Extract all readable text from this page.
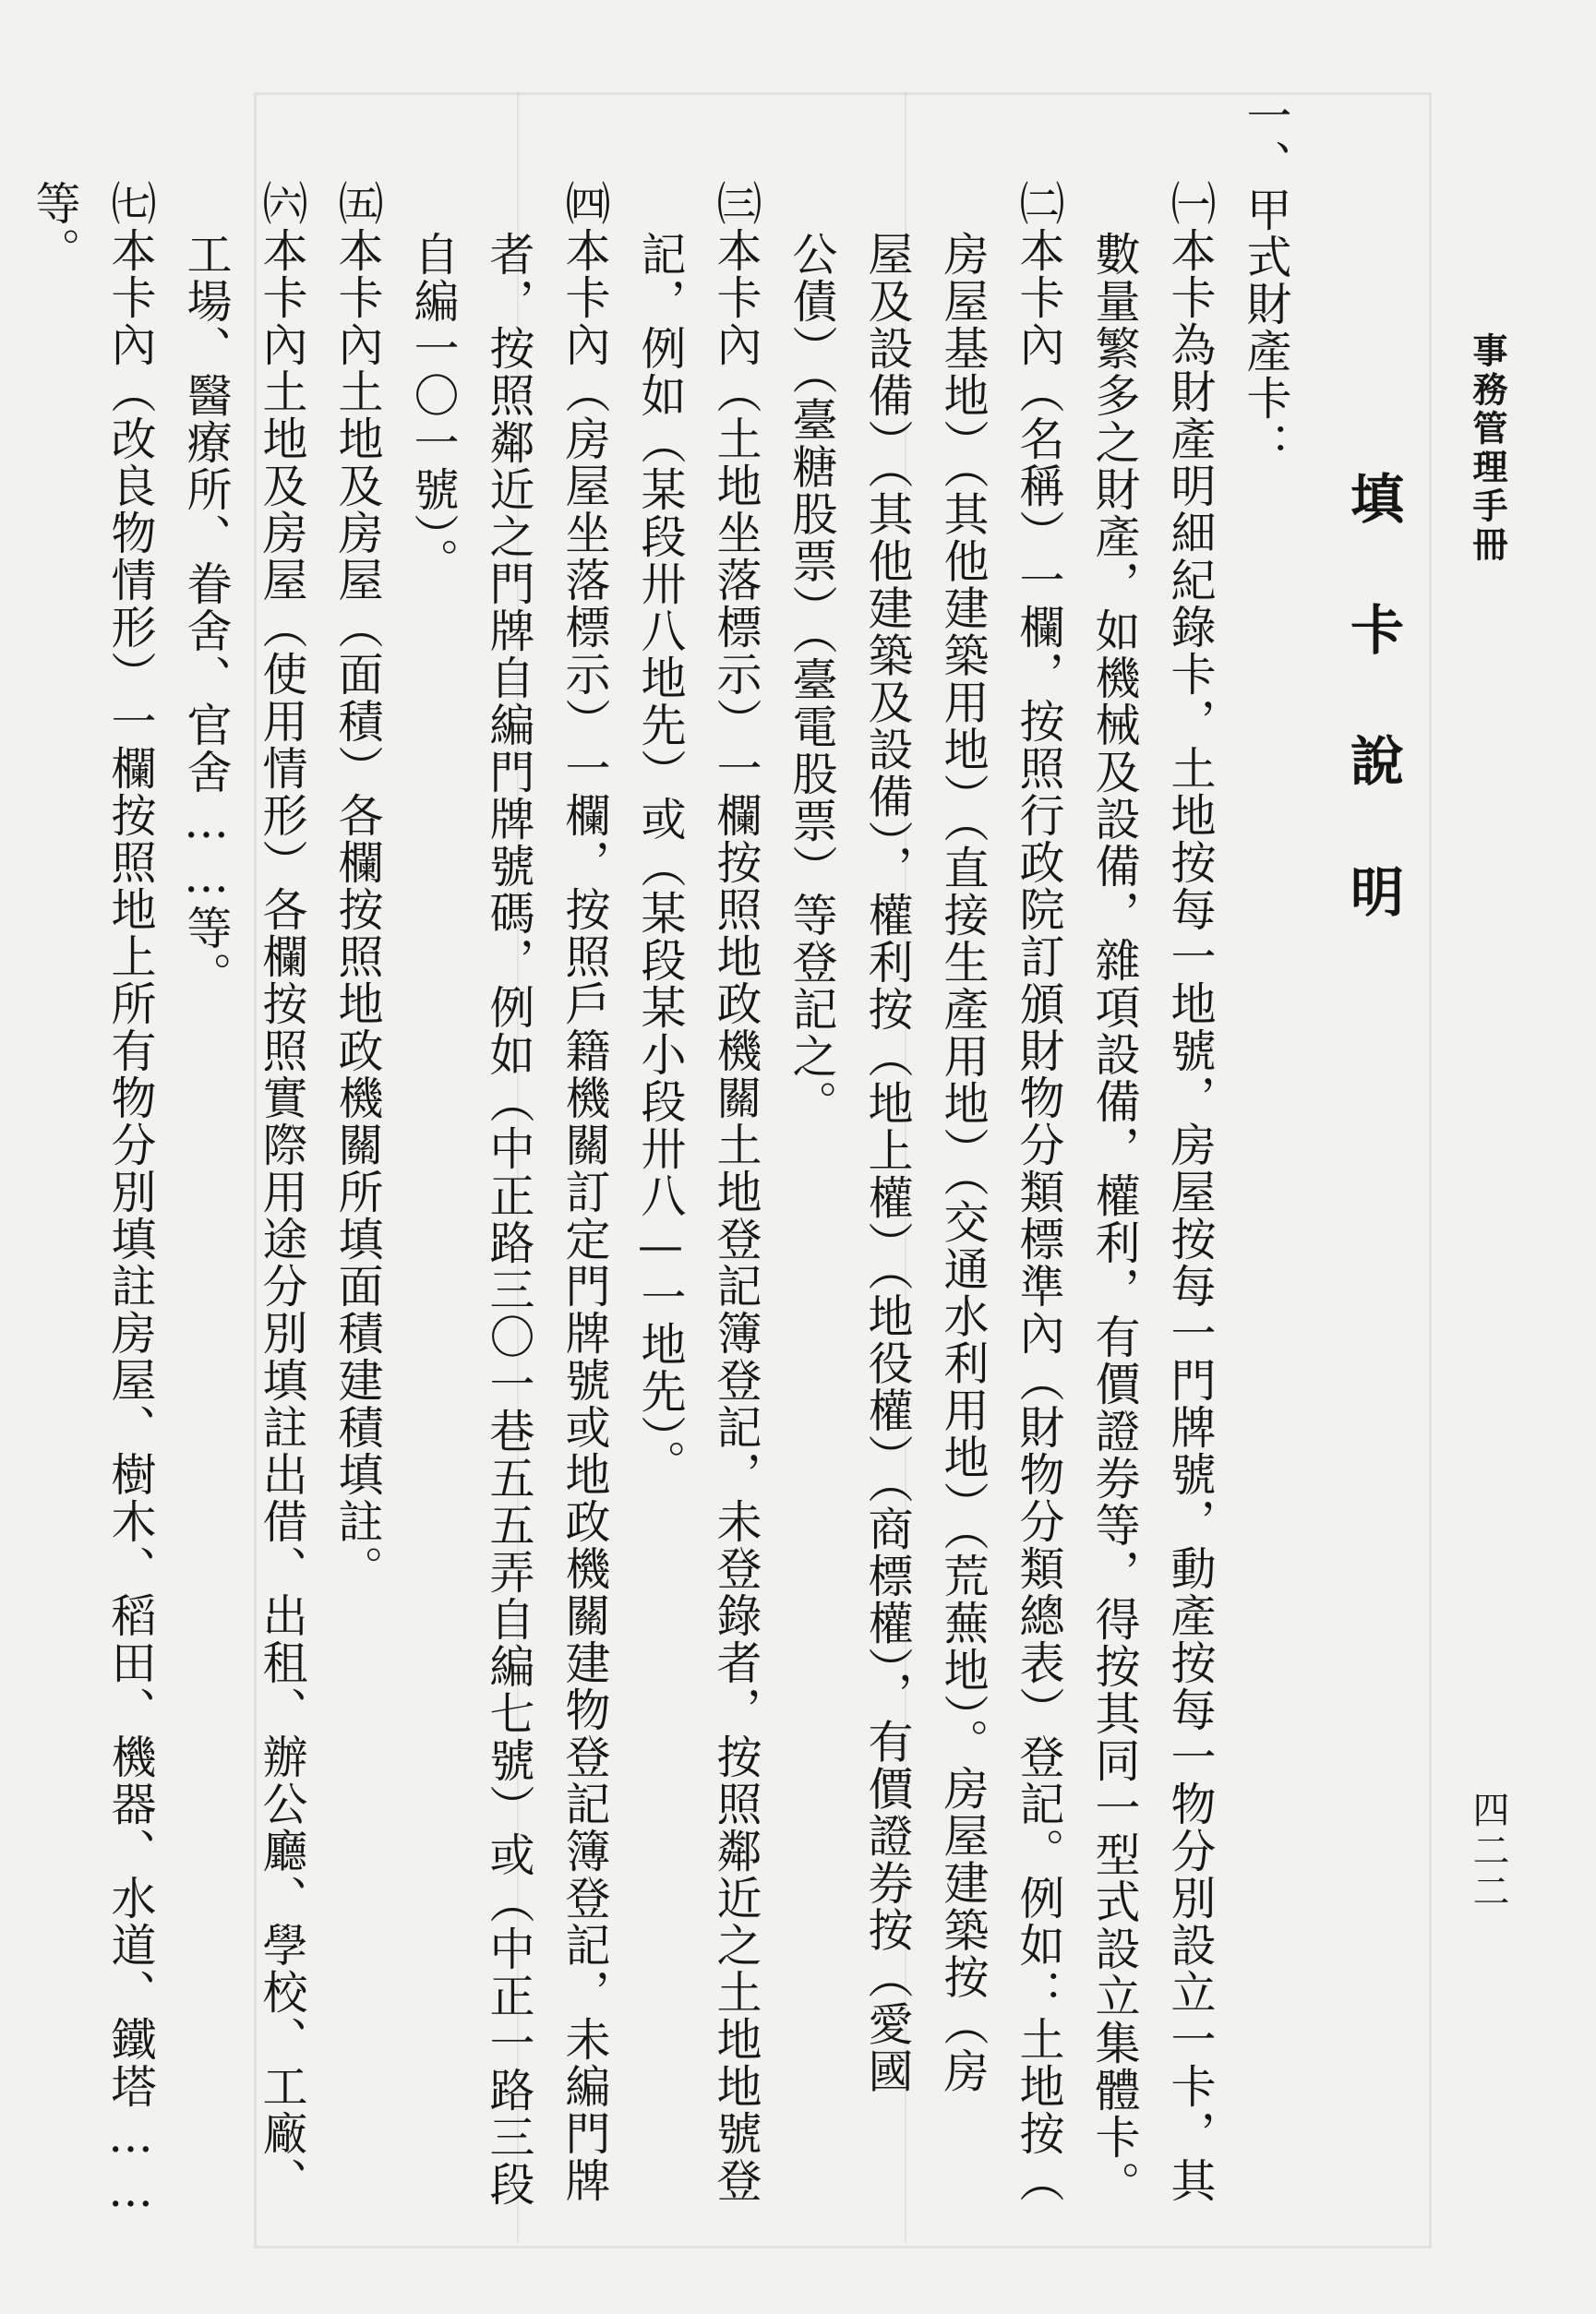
事務管理手冊
填卡說明
四二二
一、甲式財產卡：
㈠本卡為財產明細紀錄卡，土地按每一地號，房屋按每一門牌號，動產按每一物分別設立一卡，其
數量繁多之財產，如機械及設備，雜項設備，權利，有價證券等，得按其同一型式設立集體卡。
㈡本卡內（名稱）一欄，按照行政院訂頒財物分類標準內（財物分類總表）登記。例如：土地按（
房屋基地）（其他建築用地）（直接生產用地）（交通水利用地）（荒蕪地）。房屋建築按（房
屋及設備）（其他建築及設備），權利按（地上權）（地役權）（商標權），有價證券按（愛國
公債）（臺糖股票）（臺電股票）等登記之。
㈢本卡內（土地坐落標示）一欄按照地政機關土地登記簿登記，未登錄者，按照鄰近之土地地號登
記，例如（某段卅八地先）或（某段某小段卅八—一地先）。
㈣本卡內（房屋坐落標示）一欄，按照戶籍機關訂定門牌號或地政機關建物登記簿登記，未編門牌
者，按照鄰近之門牌自編門牌號碼，例如（中正路三〇一巷五五弄自編七號）或（中正一路三段
自編一〇一號）。
㈤本卡內土地及房屋（面積）各欄按照地政機關所填面積建積填註。
㈥本卡內土地及房屋（使用情形）各欄按照實際用途分別填註出借、出租、辦公廳、學校、工廠、
工場、醫療所、眷舍、官舍……等。
㈦本卡內（改良物情形）一欄按照地上所有物分別填註房屋、樹木、稻田、機器、水道、鐵塔……
等。
